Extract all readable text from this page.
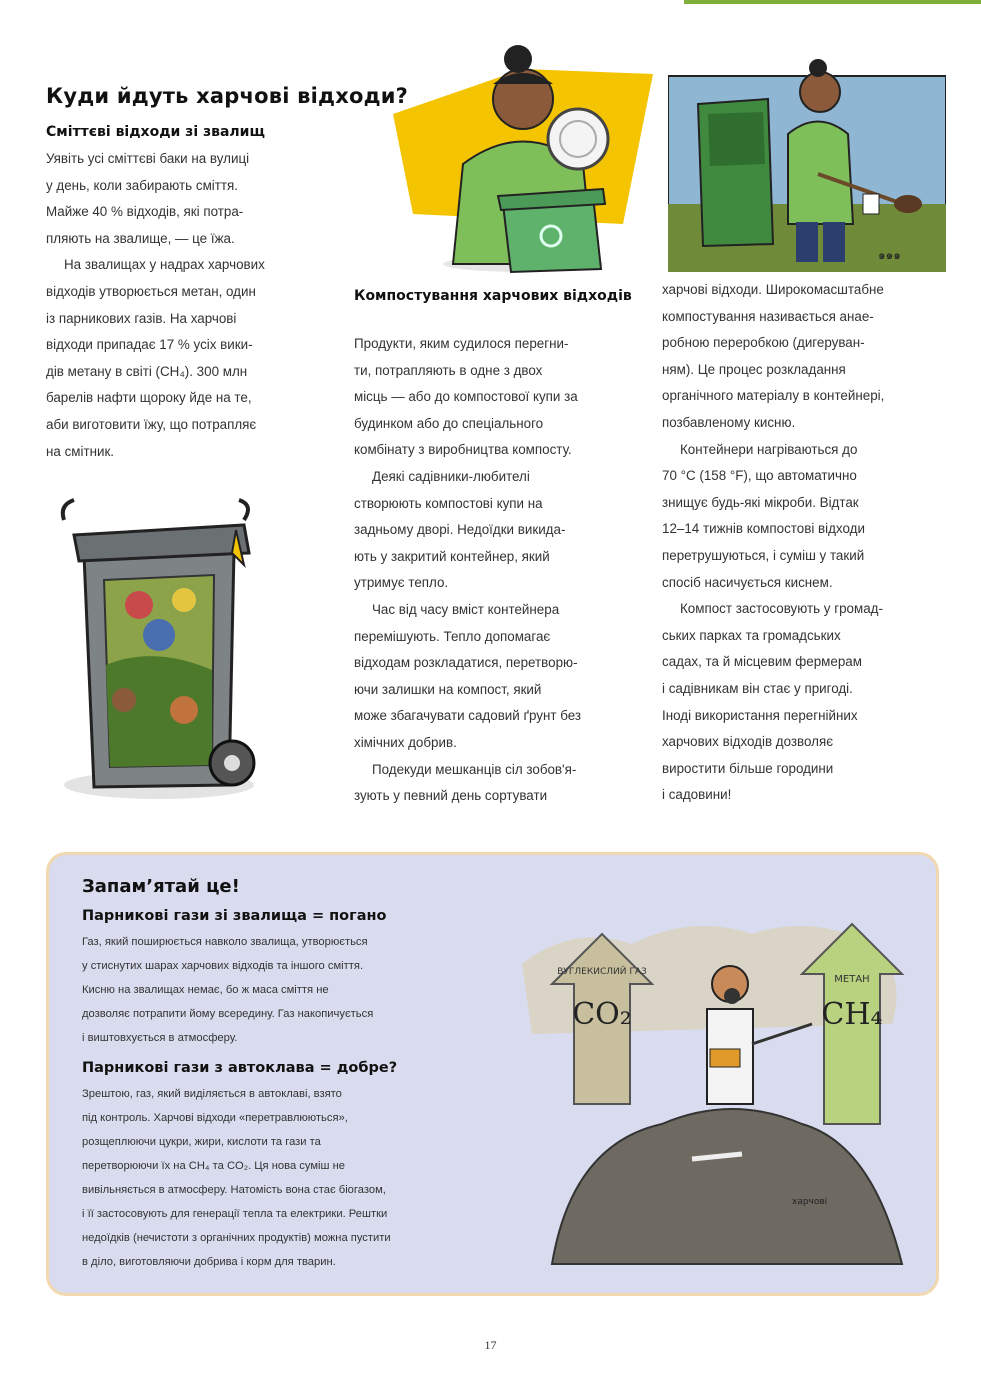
Куди йдуть харчові відходи?
Сміттєві відходи зі звалищ

Уявіть усі сміттєві баки на вулиці

у день, коли забирають сміття.

Майже 40 % відходів, які потра-

пляють на звалище, — це їжа.

На звалищах у надрах харчових

відходів утворюється метан, один

із парникових газів. На харчові

відходи припадає 17 % усіх вики-

дів метану в світі (CH₄). 300 млн

барелів нафти щороку йде на те,

аби виготовити їжу, що потрапляє

на смітник.

๑๑๑
Компостування харчових відходів

Продукти, яким судилося перегни-

ти, потрапляють в одне з двох

місць — або до компостової купи за

будинком або до спеціального

комбінату з виробництва компосту.

Деякі садівники-любителі

створюють компостові купи на

задньому дворі. Недоїдки викида-

ють у закритий контейнер, який

утримує тепло.

Час від часу вміст контейнера

перемішують. Тепло допомагає

відходам розкладатися, перетворю-

ючи залишки на компост, який

може збагачувати садовий ґрунт без

хімічних добрив.

Подекуди мешканців сіл зобов'я-

зують у певний день сортувати

харчові відходи. Широкомасштабне

компостування називається анае-

робною переробкою (дигеруван-

ням). Це процес розкладання

органічного матеріалу в контейнері,

позбавленому кисню.

Контейнери нагріваються до

70 °C (158 °F), що автоматично

знищує будь-які мікроби. Відтак

12–14 тижнів компостові відходи

перетрушуються, і суміш у такий

спосіб насичується киснем.

Компост застосовують у громад-

ських парках та громадських

садах, та й місцевим фермерам

і садівникам він стає у пригоді.

Іноді використання перегнійних

харчових відходів дозволяє

виростити більше городини

і садовини!

Запам’ятай це!
Парникові гази зі звалища = погано
Газ, який поширюється навколо звалища, утворюється
у стиснутих шарах харчових відходів та іншого сміття.
Кисню на звалищах немає, бо ж маса сміття не
дозволяє потрапити йому всередину. Газ накопичується
і виштовхується в атмосферу.
Парникові гази з автоклава = добре?
Зрештою, газ, який виділяється в автоклаві, взято
під контроль. Харчові відходи «перетравлюються»,
розщеплюючи цукри, жири, кислоти та гази та
перетворюючи їх на CH₄ та CO₂. Ця нова суміш не
вивільняється в атмосферу. Натомість вона стає біогазом,
і її застосовують для генерації тепла та електрики. Рештки
недоїдків (нечистоти з органічних продуктів) можна пустити
в діло, виготовляючи добрива і корм для тварин.
ВУГЛЕКИСЛИЙ ГАЗ
CO₂
МЕТАН
CH₄
харчові
17
